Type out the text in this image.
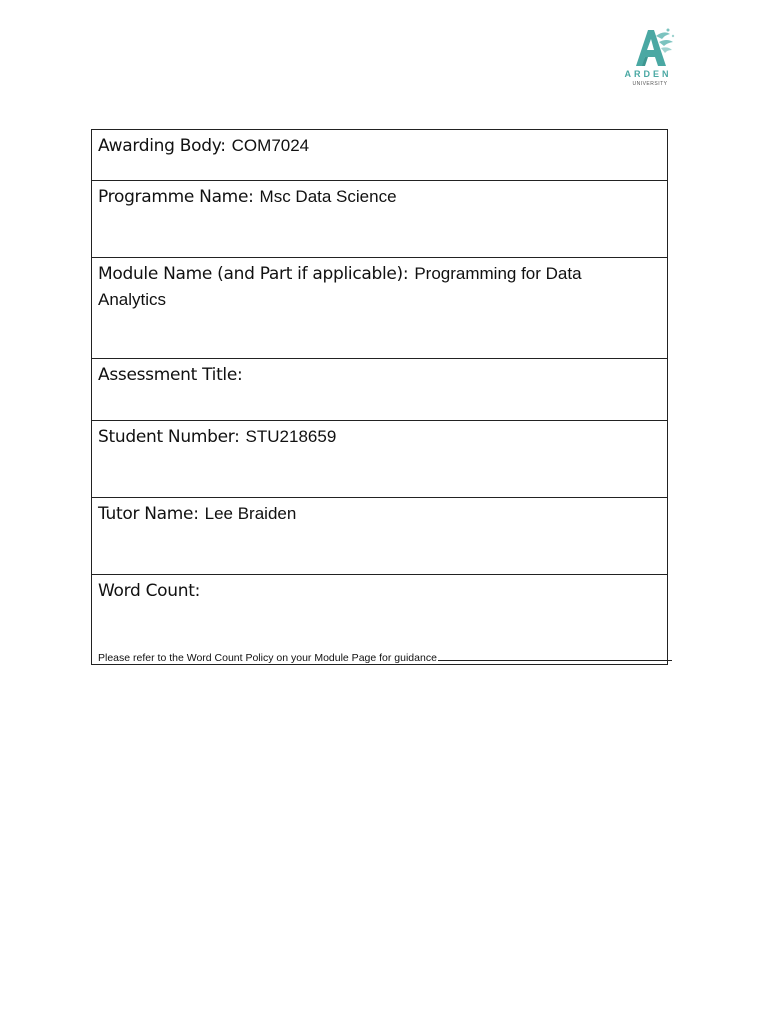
ARDEN
UNIVERSITY
Awarding Body: COM7024
Programme Name: Msc Data Science
Module Name (and Part if applicable): Programming for Data
Analytics
Assessment Title:
Student Number: STU218659
Tutor Name: Lee Braiden
Word Count:
Please refer to the Word Count Policy on your Module Page for guidance
